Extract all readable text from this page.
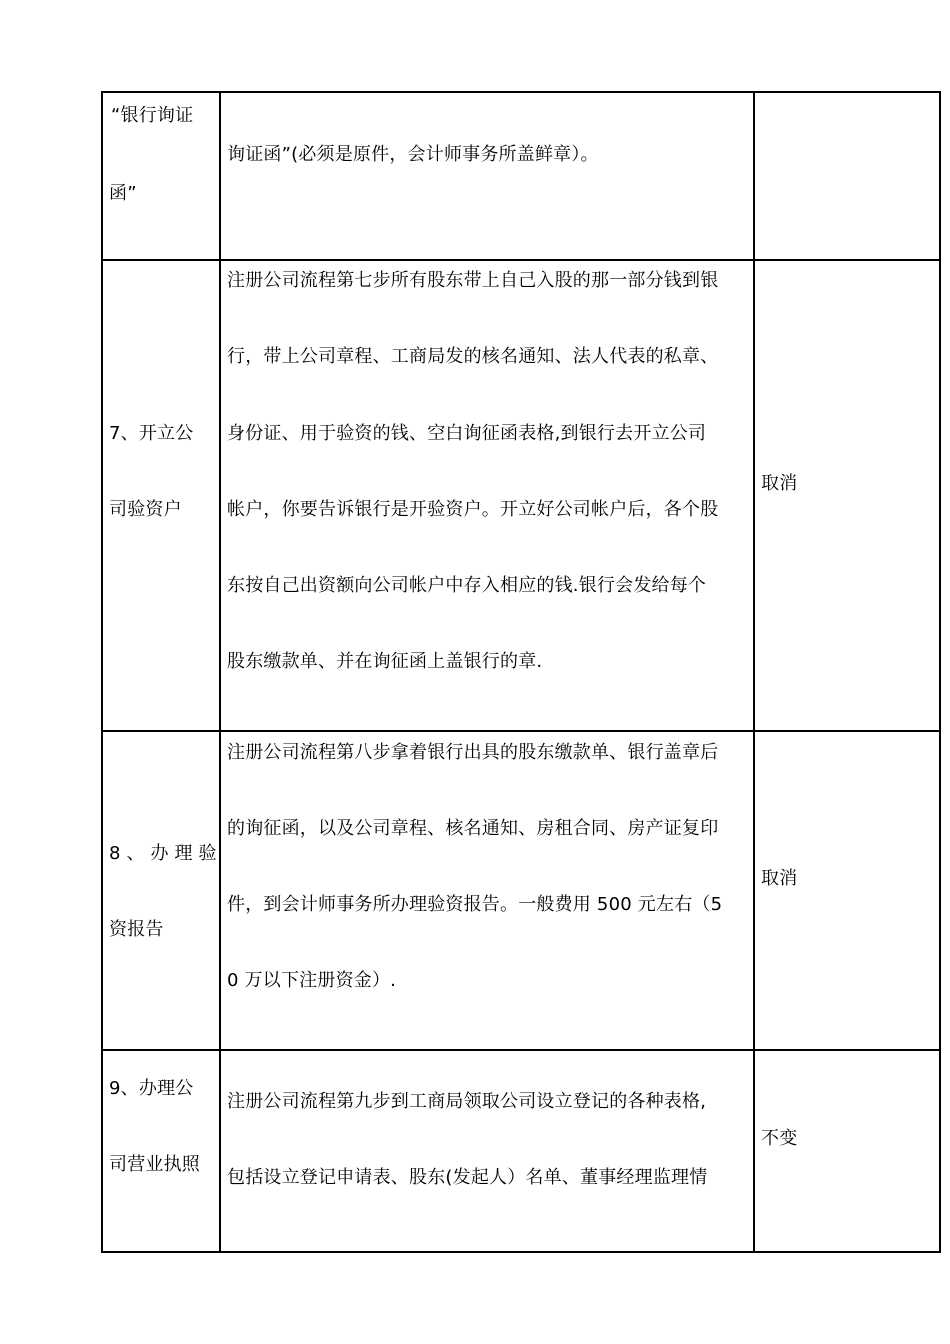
“银行询证
函”
询证函”(必须是原件，会计师事务所盖鲜章）。
7、开立公
司验资户
注册公司流程第七步所有股东带上自己入股的那一部分钱到银
行，带上公司章程、工商局发的核名通知、法人代表的私章、
身份证、用于验资的钱、空白询征函表格,到银行去开立公司
帐户，你要告诉银行是开验资户。开立好公司帐户后，各个股
东按自己出资额向公司帐户中存入相应的钱.银行会发给每个
股东缴款单、并在询征函上盖银行的章.
取消
8、办理验
资报告
注册公司流程第八步拿着银行出具的股东缴款单、银行盖章后
的询征函，以及公司章程、核名通知、房租合同、房产证复印
件，到会计师事务所办理验资报告。一般费用 500 元左右（5
0 万以下注册资金）.
取消
9、办理公
司营业执照
注册公司流程第九步到工商局领取公司设立登记的各种表格,
包括设立登记申请表、股东(发起人）名单、董事经理监理情
不变
